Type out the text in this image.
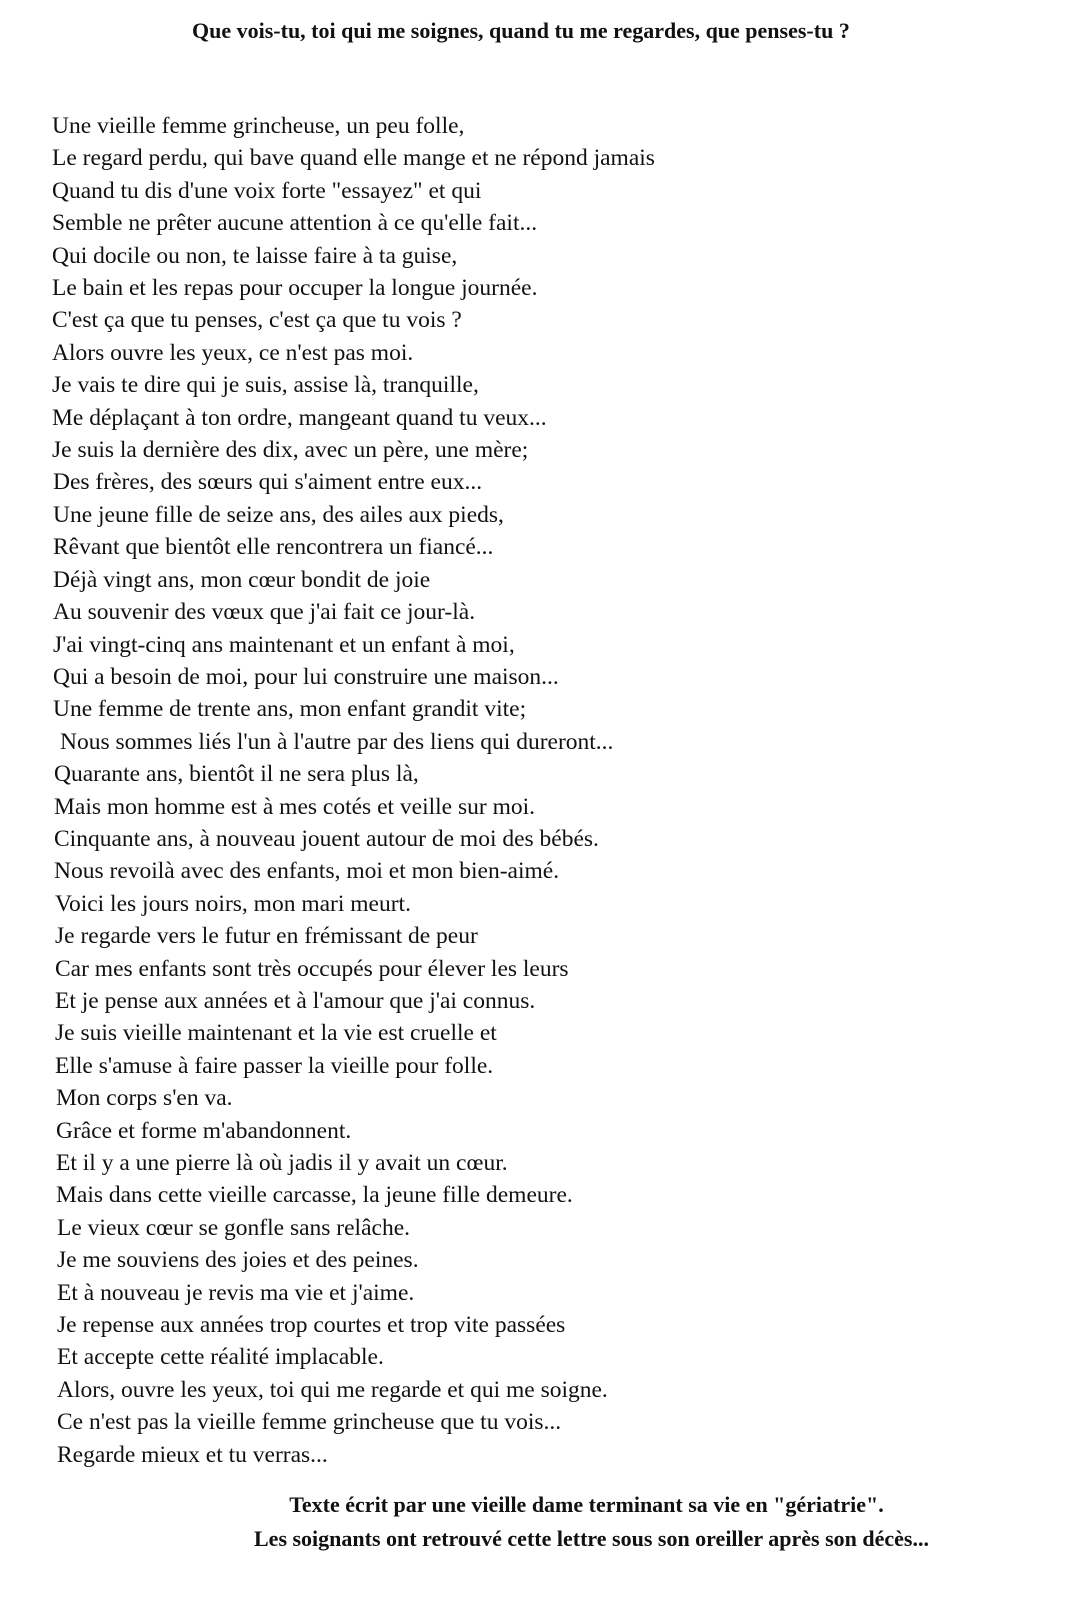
Que vois-tu, toi qui me soignes, quand tu me regardes, que penses-tu ?
Une vieille femme grincheuse, un peu folle,
Le regard perdu, qui bave quand elle mange et ne répond jamais
Quand tu dis d'une voix forte "essayez" et qui
Semble ne prêter aucune attention à ce qu'elle fait...
Qui docile ou non, te laisse faire à ta guise,
Le bain et les repas pour occuper la longue journée.
C'est ça que tu penses, c'est ça que tu vois ?
Alors ouvre les yeux, ce n'est pas moi.
Je vais te dire qui je suis, assise là, tranquille,
Me déplaçant à ton ordre, mangeant quand tu veux...
Je suis la dernière des dix, avec un père, une mère;
Des frères, des sœurs qui s'aiment entre eux...
Une jeune fille de seize ans, des ailes aux pieds,
Rêvant que bientôt elle rencontrera un fiancé...
Déjà vingt ans, mon cœur bondit de joie
Au souvenir des vœux que j'ai fait ce jour-là.
J'ai vingt-cinq ans maintenant et un enfant à moi,
Qui a besoin de moi, pour lui construire une maison...
Une femme de trente ans, mon enfant grandit vite;
Nous sommes liés l'un à l'autre par des liens qui dureront...
Quarante ans, bientôt il ne sera plus là,
Mais mon homme est à mes cotés et veille sur moi.
Cinquante ans, à nouveau jouent autour de moi des bébés.
Nous revoilà avec des enfants, moi et mon bien-aimé.
Voici les jours noirs, mon mari meurt.
Je regarde vers le futur en frémissant de peur
Car mes enfants sont très occupés pour élever les leurs
Et je pense aux années et à l'amour que j'ai connus.
Je suis vieille maintenant et la vie est cruelle et
Elle s'amuse à faire passer la vieille pour folle.
Mon corps s'en va.
Grâce et forme m'abandonnent.
Et il y a une pierre là où jadis il y avait un cœur.
Mais dans cette vieille carcasse, la jeune fille demeure.
Le vieux cœur se gonfle sans relâche.
Je me souviens des joies et des peines.
Et à nouveau je revis ma vie et j'aime.
Je repense aux années trop courtes et trop vite passées
Et accepte cette réalité implacable.
Alors, ouvre les yeux, toi qui me regarde et qui me soigne.
Ce n'est pas la vieille femme grincheuse que tu vois...
Regarde mieux et tu verras...
Texte écrit par une vieille dame terminant sa vie en "gériatrie".
Les soignants ont retrouvé cette lettre sous son oreiller après son décès...
